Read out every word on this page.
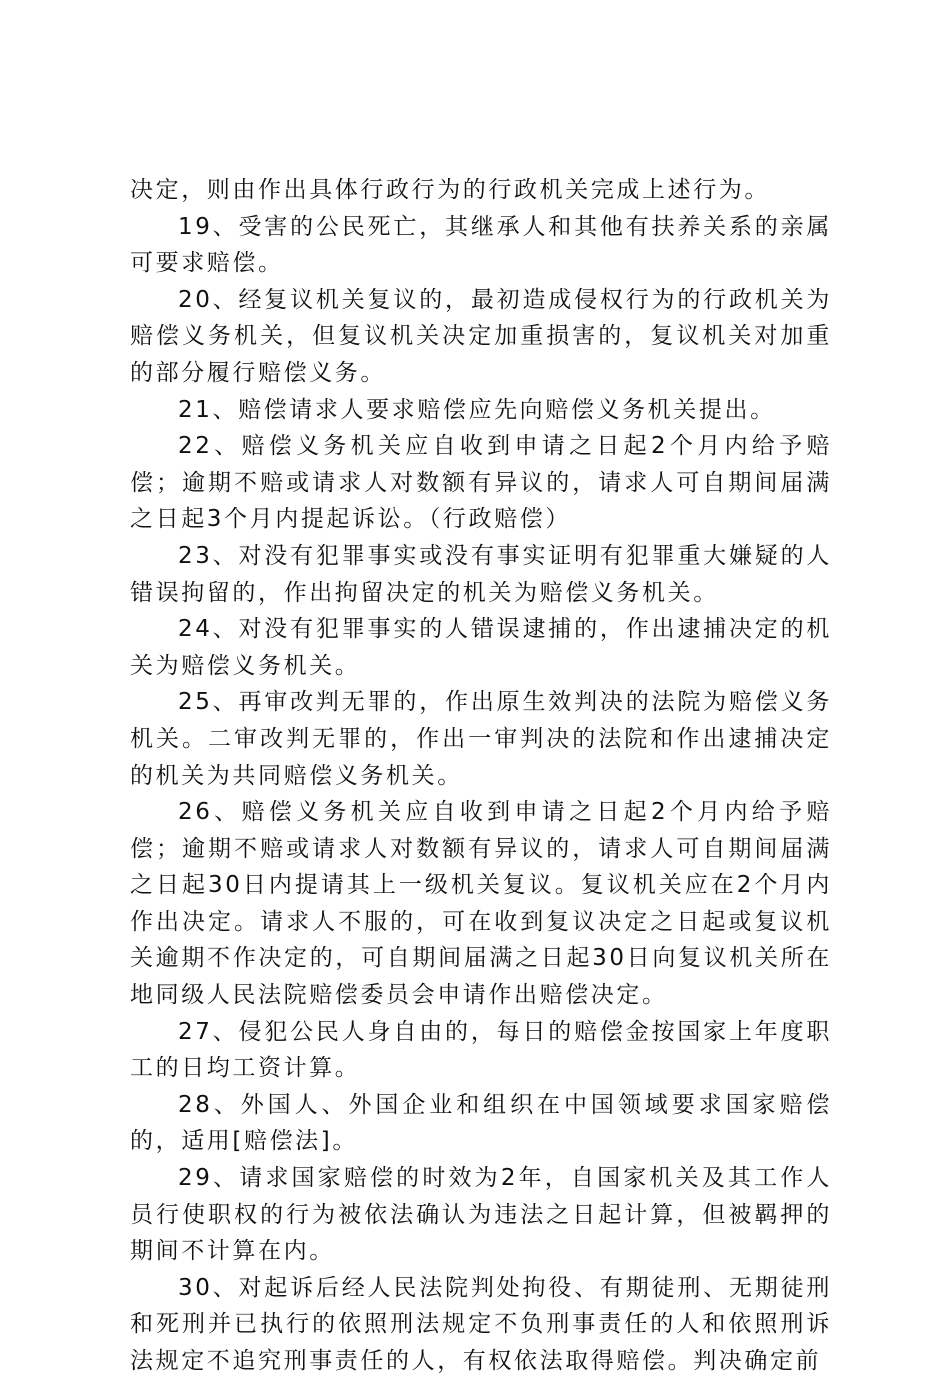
决定，则由作出具体行政行为的行政机关完成上述行为。

19、受害的公民死亡，其继承人和其他有扶养关系的亲属可要求赔偿。

20、经复议机关复议的，最初造成侵权行为的行政机关为赔偿义务机关，但复议机关决定加重损害的，复议机关对加重的部分履行赔偿义务。

21、赔偿请求人要求赔偿应先向赔偿义务机关提出。

22、赔偿义务机关应自收到申请之日起2个月内给予赔偿；逾期不赔或请求人对数额有异议的，请求人可自期间届满之日起3个月内提起诉讼。（行政赔偿）

23、对没有犯罪事实或没有事实证明有犯罪重大嫌疑的人错误拘留的，作出拘留决定的机关为赔偿义务机关。

24、对没有犯罪事实的人错误逮捕的，作出逮捕决定的机关为赔偿义务机关。

25、再审改判无罪的，作出原生效判决的法院为赔偿义务机关。二审改判无罪的，作出一审判决的法院和作出逮捕决定的机关为共同赔偿义务机关。

26、赔偿义务机关应自收到申请之日起2个月内给予赔偿；逾期不赔或请求人对数额有异议的，请求人可自期间届满之日起30日内提请其上一级机关复议。复议机关应在2个月内作出决定。请求人不服的，可在收到复议决定之日起或复议机关逾期不作决定的，可自期间届满之日起30日向复议机关所在地同级人民法院赔偿委员会申请作出赔偿决定。

27、侵犯公民人身自由的，每日的赔偿金按国家上年度职工的日均工资计算。

28、外国人、外国企业和组织在中国领域要求国家赔偿的，适用[赔偿法]。

29、请求国家赔偿的时效为2年，自国家机关及其工作人员行使职权的行为被依法确认为违法之日起计算，但被羁押的期间不计算在内。

30、对起诉后经人民法院判处拘役、有期徒刑、无期徒刑和死刑并已执行的依照刑法规定不负刑事责任的人和依照刑诉法规定不追究刑事责任的人，有权依法取得赔偿。判决确定前
